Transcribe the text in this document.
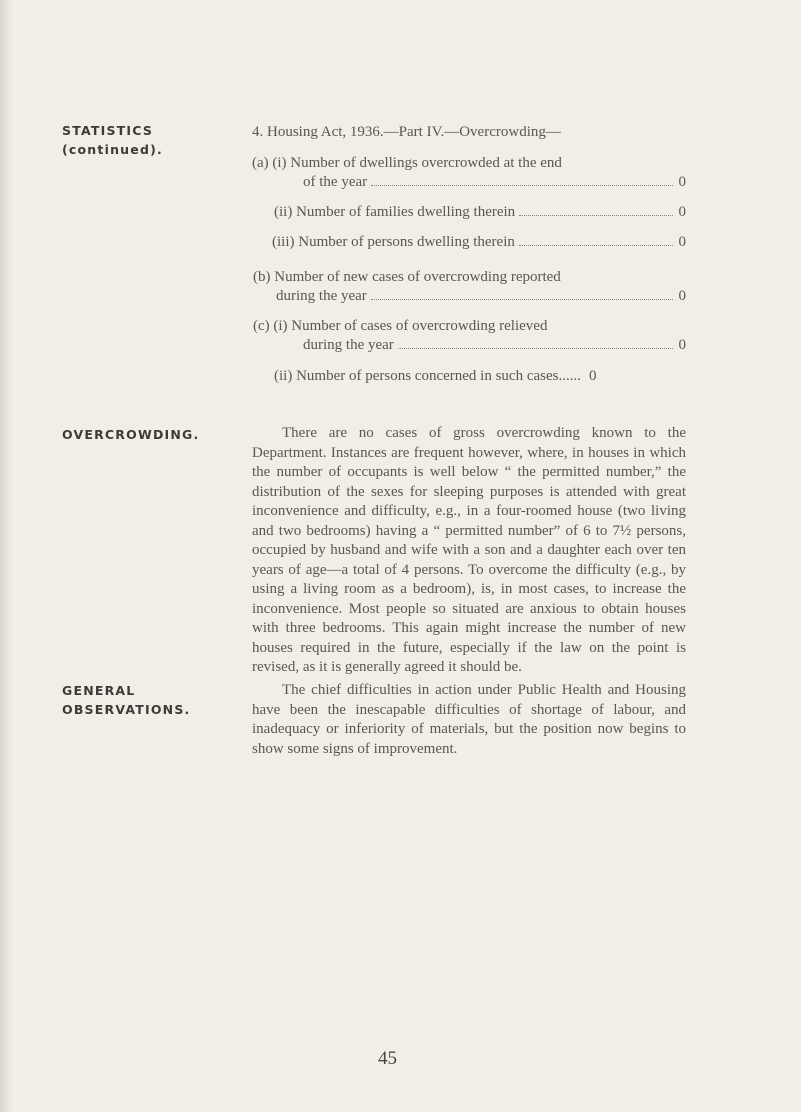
STATISTICS
(continued).
4. Housing Act, 1936.—Part IV.—Overcrowding—
(a) (i) Number of dwellings overcrowded at the end
of the year	0
(ii) Number of families dwelling therein	0
(iii) Number of persons dwelling therein	0
(b) Number of new cases of overcrowding reported
during the year	0
(c) (i) Number of cases of overcrowding relieved
during the year	0
(ii) Number of persons concerned in such cases...... 0
OVERCROWDING.	There are no cases of gross overcrowding known to the Department. Instances are frequent however, where, in houses in which the number of occupants is well below “ the permitted number,” the distribution of the sexes for sleeping purposes is attended with great inconvenience and difficulty, e.g., in a four-roomed house (two living and two bedrooms) having a “ permitted number” of 6 to 7½ persons, occupied by husband and wife with a son and a daughter each over ten years of age—a total of 4 persons. To overcome the difficulty (e.g., by using a living room as a bedroom), is, in most cases, to increase the inconvenience. Most people so situated are anxious to obtain houses with three bedrooms. This again might increase the number of new houses required in the future, especially if the law on the point is revised, as it is generally agreed it should be.
GENERAL
OBSERVATIONS.
The chief difficulties in action under Public Health and Housing have been the inescapable difficulties of shortage of labour, and inadequacy or inferiority of materials, but the position now begins to show some signs of improvement.
45
